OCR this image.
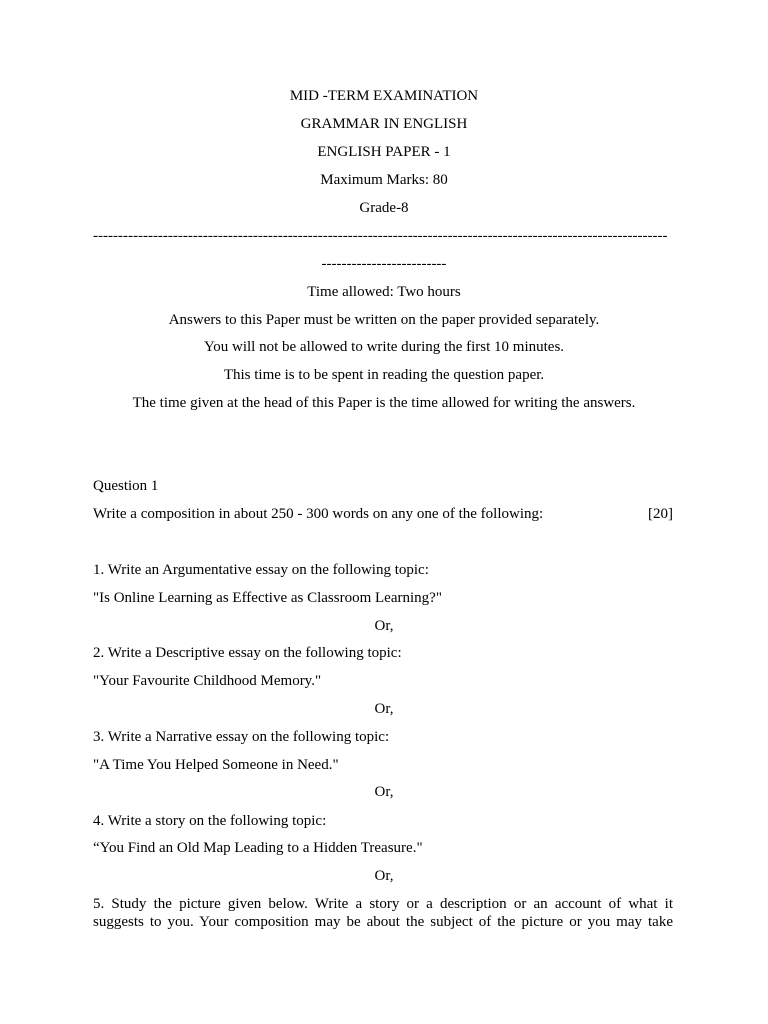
MID -TERM EXAMINATION
GRAMMAR IN ENGLISH
ENGLISH PAPER - 1
Maximum Marks: 80
Grade-8
-------------------------------------------------------------------------------------------------------------------
-------------------------
Time allowed: Two hours
Answers to this Paper must be written on the paper provided separately.
You will not be allowed to write during the first 10 minutes.
This time is to be spent in reading the question paper.
The time given at the head of this Paper is the time allowed for writing the answers.
Question 1
Write a composition in about 250 - 300 words on any one of the following:	[20]
1. Write an Argumentative essay on the following topic:
"Is Online Learning as Effective as Classroom Learning?"
Or,
2. Write a Descriptive essay on the following topic:
"Your Favourite Childhood Memory."
Or,
3. Write a Narrative essay on the following topic:
"A Time You Helped Someone in Need."
Or,
4. Write a story on the following topic:
“You Find an Old Map Leading to a Hidden Treasure."
Or,
5. Study the picture given below. Write a story or a description or an account of what it
suggests to you. Your composition may be about the subject of the picture or you may take
